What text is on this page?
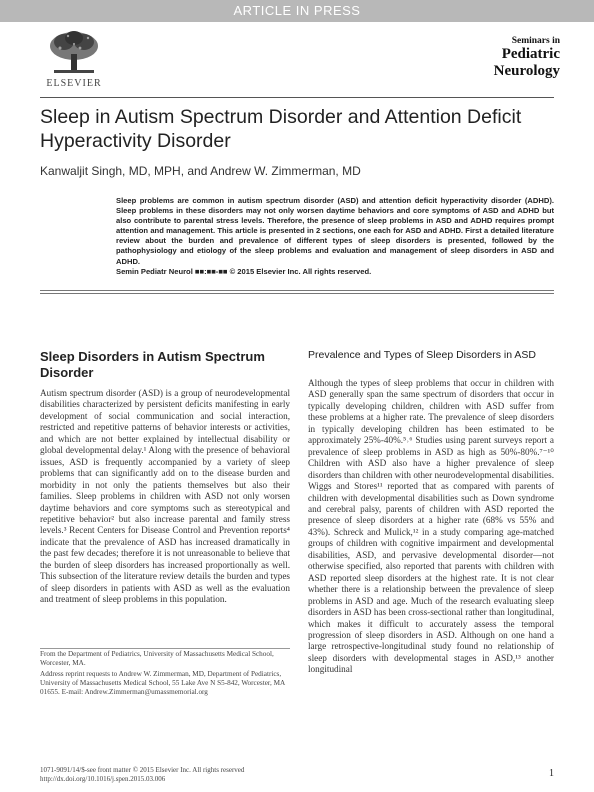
ARTICLE IN PRESS
ELSEVIER
Seminars in
Pediatric
Neurology
Sleep in Autism Spectrum Disorder and Attention Deficit Hyperactivity Disorder
Kanwaljit Singh, MD, MPH, and Andrew W. Zimmerman, MD
Sleep problems are common in autism spectrum disorder (ASD) and attention deficit hyperactivity disorder (ADHD). Sleep problems in these disorders may not only worsen daytime behaviors and core symptoms of ASD and ADHD but also contribute to parental stress levels. Therefore, the presence of sleep problems in ASD and ADHD requires prompt attention and management. This article is presented in 2 sections, one each for ASD and ADHD. First a detailed literature review about the burden and prevalence of different types of sleep disorders is presented, followed by the pathophysiology and etiology of the sleep problems and evaluation and management of sleep disorders in ASD and ADHD.
Semin Pediatr Neurol ■■:■■-■■ © 2015 Elsevier Inc. All rights reserved.
Sleep Disorders in Autism Spectrum Disorder
Autism spectrum disorder (ASD) is a group of neurodevelopmental disabilities characterized by persistent deficits manifesting in early development of social communication and social interaction, restricted and repetitive patterns of behavior interests or activities, and which are not better explained by intellectual disability or global developmental delay.¹ Along with the presence of behavioral issues, ASD is frequently accompanied by a variety of sleep problems that can significantly add on to the disease burden and morbidity in not only the patients themselves but also their families. Sleep problems in children with ASD not only worsen daytime behaviors and core symptoms such as stereotypical and repetitive behavior² but also increase parental and family stress levels.³ Recent Centers for Disease Control and Prevention reports⁴ indicate that the prevalence of ASD has increased dramatically in the past few decades; therefore it is not unreasonable to believe that the burden of sleep disorders has increased proportionally as well. This subsection of the literature review details the burden and types of sleep disorders in patients with ASD as well as the evaluation and treatment of sleep problems in this population.
Prevalence and Types of Sleep Disorders in ASD
Although the types of sleep problems that occur in children with ASD generally span the same spectrum of disorders that occur in typically developing children, children with ASD suffer from these problems at a higher rate. The prevalence of sleep disorders in typically developing children has been estimated to be approximately 25%-40%.⁵˒⁶ Studies using parent surveys report a prevalence of sleep problems in ASD as high as 50%-80%.⁷⁻¹⁰ Children with ASD also have a higher prevalence of sleep disorders than children with other neurodevelopmental disabilities. Wiggs and Stores¹¹ reported that as compared with parents of children with developmental disabilities such as Down syndrome and cerebral palsy, parents of children with ASD reported the presence of sleep disorders at a higher rate (68% vs 55% and 43%). Schreck and Mulick,¹² in a study comparing age-matched groups of children with cognitive impairment and developmental disabilities, ASD, and pervasive developmental disorder—not otherwise specified, also reported that parents with children with ASD reported sleep disorders at the highest rate. It is not clear whether there is a relationship between the prevalence of sleep problems in ASD and age. Much of the research evaluating sleep disorders in ASD has been cross-sectional rather than longitudinal, which makes it difficult to accurately assess the temporal progression of sleep disorders in ASD. Although on one hand a large retrospective-longitudinal study found no relationship of sleep disorders with developmental stages in ASD,¹³ another longitudinal
From the Department of Pediatrics, University of Massachusetts Medical School, Worcester, MA.
Address reprint requests to Andrew W. Zimmerman, MD, Department of Pediatrics, University of Massachusetts Medical School, 55 Lake Ave N S5-842, Worcester, MA 01655. E-mail: Andrew.Zimmerman@umassmemorial.org
1071-9091/14/$-see front matter © 2015 Elsevier Inc. All rights reserved
http://dx.doi.org/10.1016/j.spen.2015.03.006	1
